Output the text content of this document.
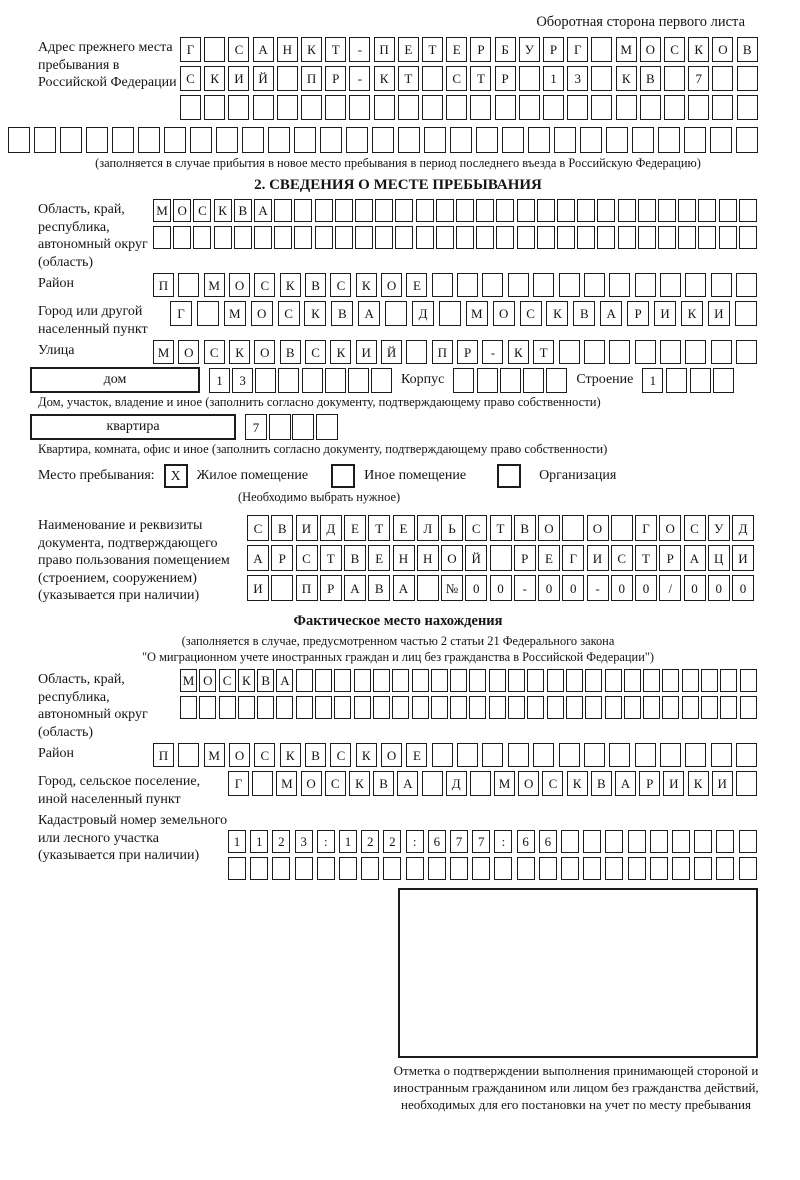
Оборотная сторона первого листа
Адрес прежнего места пребывания в Российской Федерации
Г	С	А	Н	К	Т	-	П	Е	Т	Е	Р	Б	У	Р	Г	М	О	С	К	О	В
С	К	И	Й	П	Р	-	К	Т	С	Т	Р	1	3	К	В	7
(заполняется в случае прибытия в новое место пребывания в период последнего въезда в Российскую Федерацию)
2. СВЕДЕНИЯ О МЕСТЕ ПРЕБЫВАНИЯ
Область, край, республика, автономный округ (область)
М О С К В А
Район	П	М	О	С	К	В	С	К	О	Е
Город или другой населенный пункт
Г	М	О	С	К	В	А	Д	М	О	С	К	В	А	Р	И	К	И
Улица	М	О	С	К	О	В	С	К	И	Й	П	Р	-	К	Т
дом	1	3	Корпус	Строение	1
Дом, участок, владение и иное (заполнить согласно документу, подтверждающему право собственности)
квартира	7
Квартира, комната, офис и иное (заполнить согласно документу, подтверждающему право собственности)
Место пребывания:	X	Жилое помещение	Иное помещение	Организация
(Необходимо выбрать нужное)
Наименование и реквизиты документа, подтверждающего право пользования помещением (строением, сооружением) (указывается при наличии)
С	В	И	Д	Е	Т	Е	Л	Ь	С	Т	В	О	О	Г	О	С	У	Д
А	Р	С	Т	В	Е	Н	Н	О	Й	Р	Е	Г	И	С	Т	Р	А	Ц	И
И	П	Р	А	В	А	№	0	0	-	0	0	-	0	0	/	0	0	0
Фактическое место нахождения
(заполняется в случае, предусмотренном частью 2 статьи 21 Федерального закона
"О миграционном учете иностранных граждан и лиц без гражданства в Российской Федерации")
Область, край, республика, автономный округ (область)
М О С К В А
Район	П	М	О	С	К	В	С	К	О	Е
Город, сельское поселение, иной населенный пункт
Г	М	О	С	К	В	А	Д	М	О	С	К	В	А	Р	И	К	И
Кадастровый номер земельного или лесного участка (указывается при наличии)
1	1	2	3	:	1	2	2	:	6	7	7	:	6	6
Отметка о подтверждении выполнения принимающей стороной и иностранным гражданином или лицом без гражданства действий, необходимых для его постановки на учет по месту пребывания
